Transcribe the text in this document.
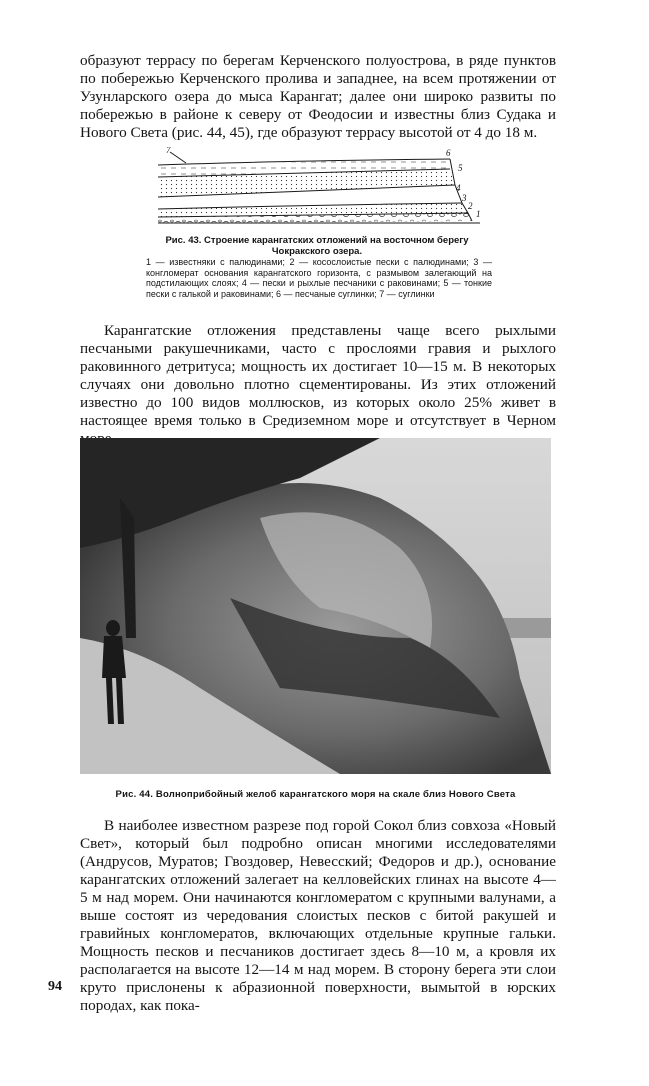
образуют террасу по берегам Керченского полуострова, в ряде пунктов по побережью Керченского пролива и западнее, на всем протяжении от Узунларского озера до мыса Карангат; далее они широко развиты по побережью в районе к северу от Феодосии и известны близ Судака и Нового Света (рис. 44, 45), где образуют террасу высотой от 4 до 18 м.

7	6
5
4
3
2
1
Рис. 43. Строение карангатских отложений на восточном берегу Чокракского озера.
1 — известняки с палюдинами; 2 — косослоистые пески с палюдинами; 3 — конгломерат основания карангатского горизонта, с размывом залегающий на подстилающих слоях; 4 — пески и рыхлые песчаники с раковинами; 5 — тонкие пески с галькой и раковинами; 6 — песчаные суглинки; 7 — суглинки

Карангатские отложения представлены чаще всего рыхлыми песчаными ракушечниками, часто с прослоями гравия и рыхлого раковинного детритуса; мощность их достигает 10—15 м. В некоторых случаях они довольно плотно сцементированы. Из этих отложений известно до 100 видов моллюсков, из которых около 25% живет в настоящее время только в Средиземном море и отсутствует в Черном

Рис. 44. Волноприбойный желоб карангатского моря на скале близ Нового Света

В наиболее известном разрезе под горой Сокол близ совхоза «Новый Свет», который был подробно описан многими исследователями (Андрусов, Муратов; Гвоздовер, Невесский; Федоров и др.), основание карангатских отложений залегает на келловейских глинах на высоте 4—5 м над морем. Они начинаются конгломератом с крупными валунами, а выше состоят из чередования слоистых песков с битой ракушей и гравийных конгломератов, включающих отдельные крупные гальки. Мощность песков и песчаников достигает здесь 8—10 м, а кровля их располагается на высоте 12—14 м над морем. В сторону берега эти слои круто прислонены к абразионной поверхности, вымытой в юрских породах, как пока-

94
